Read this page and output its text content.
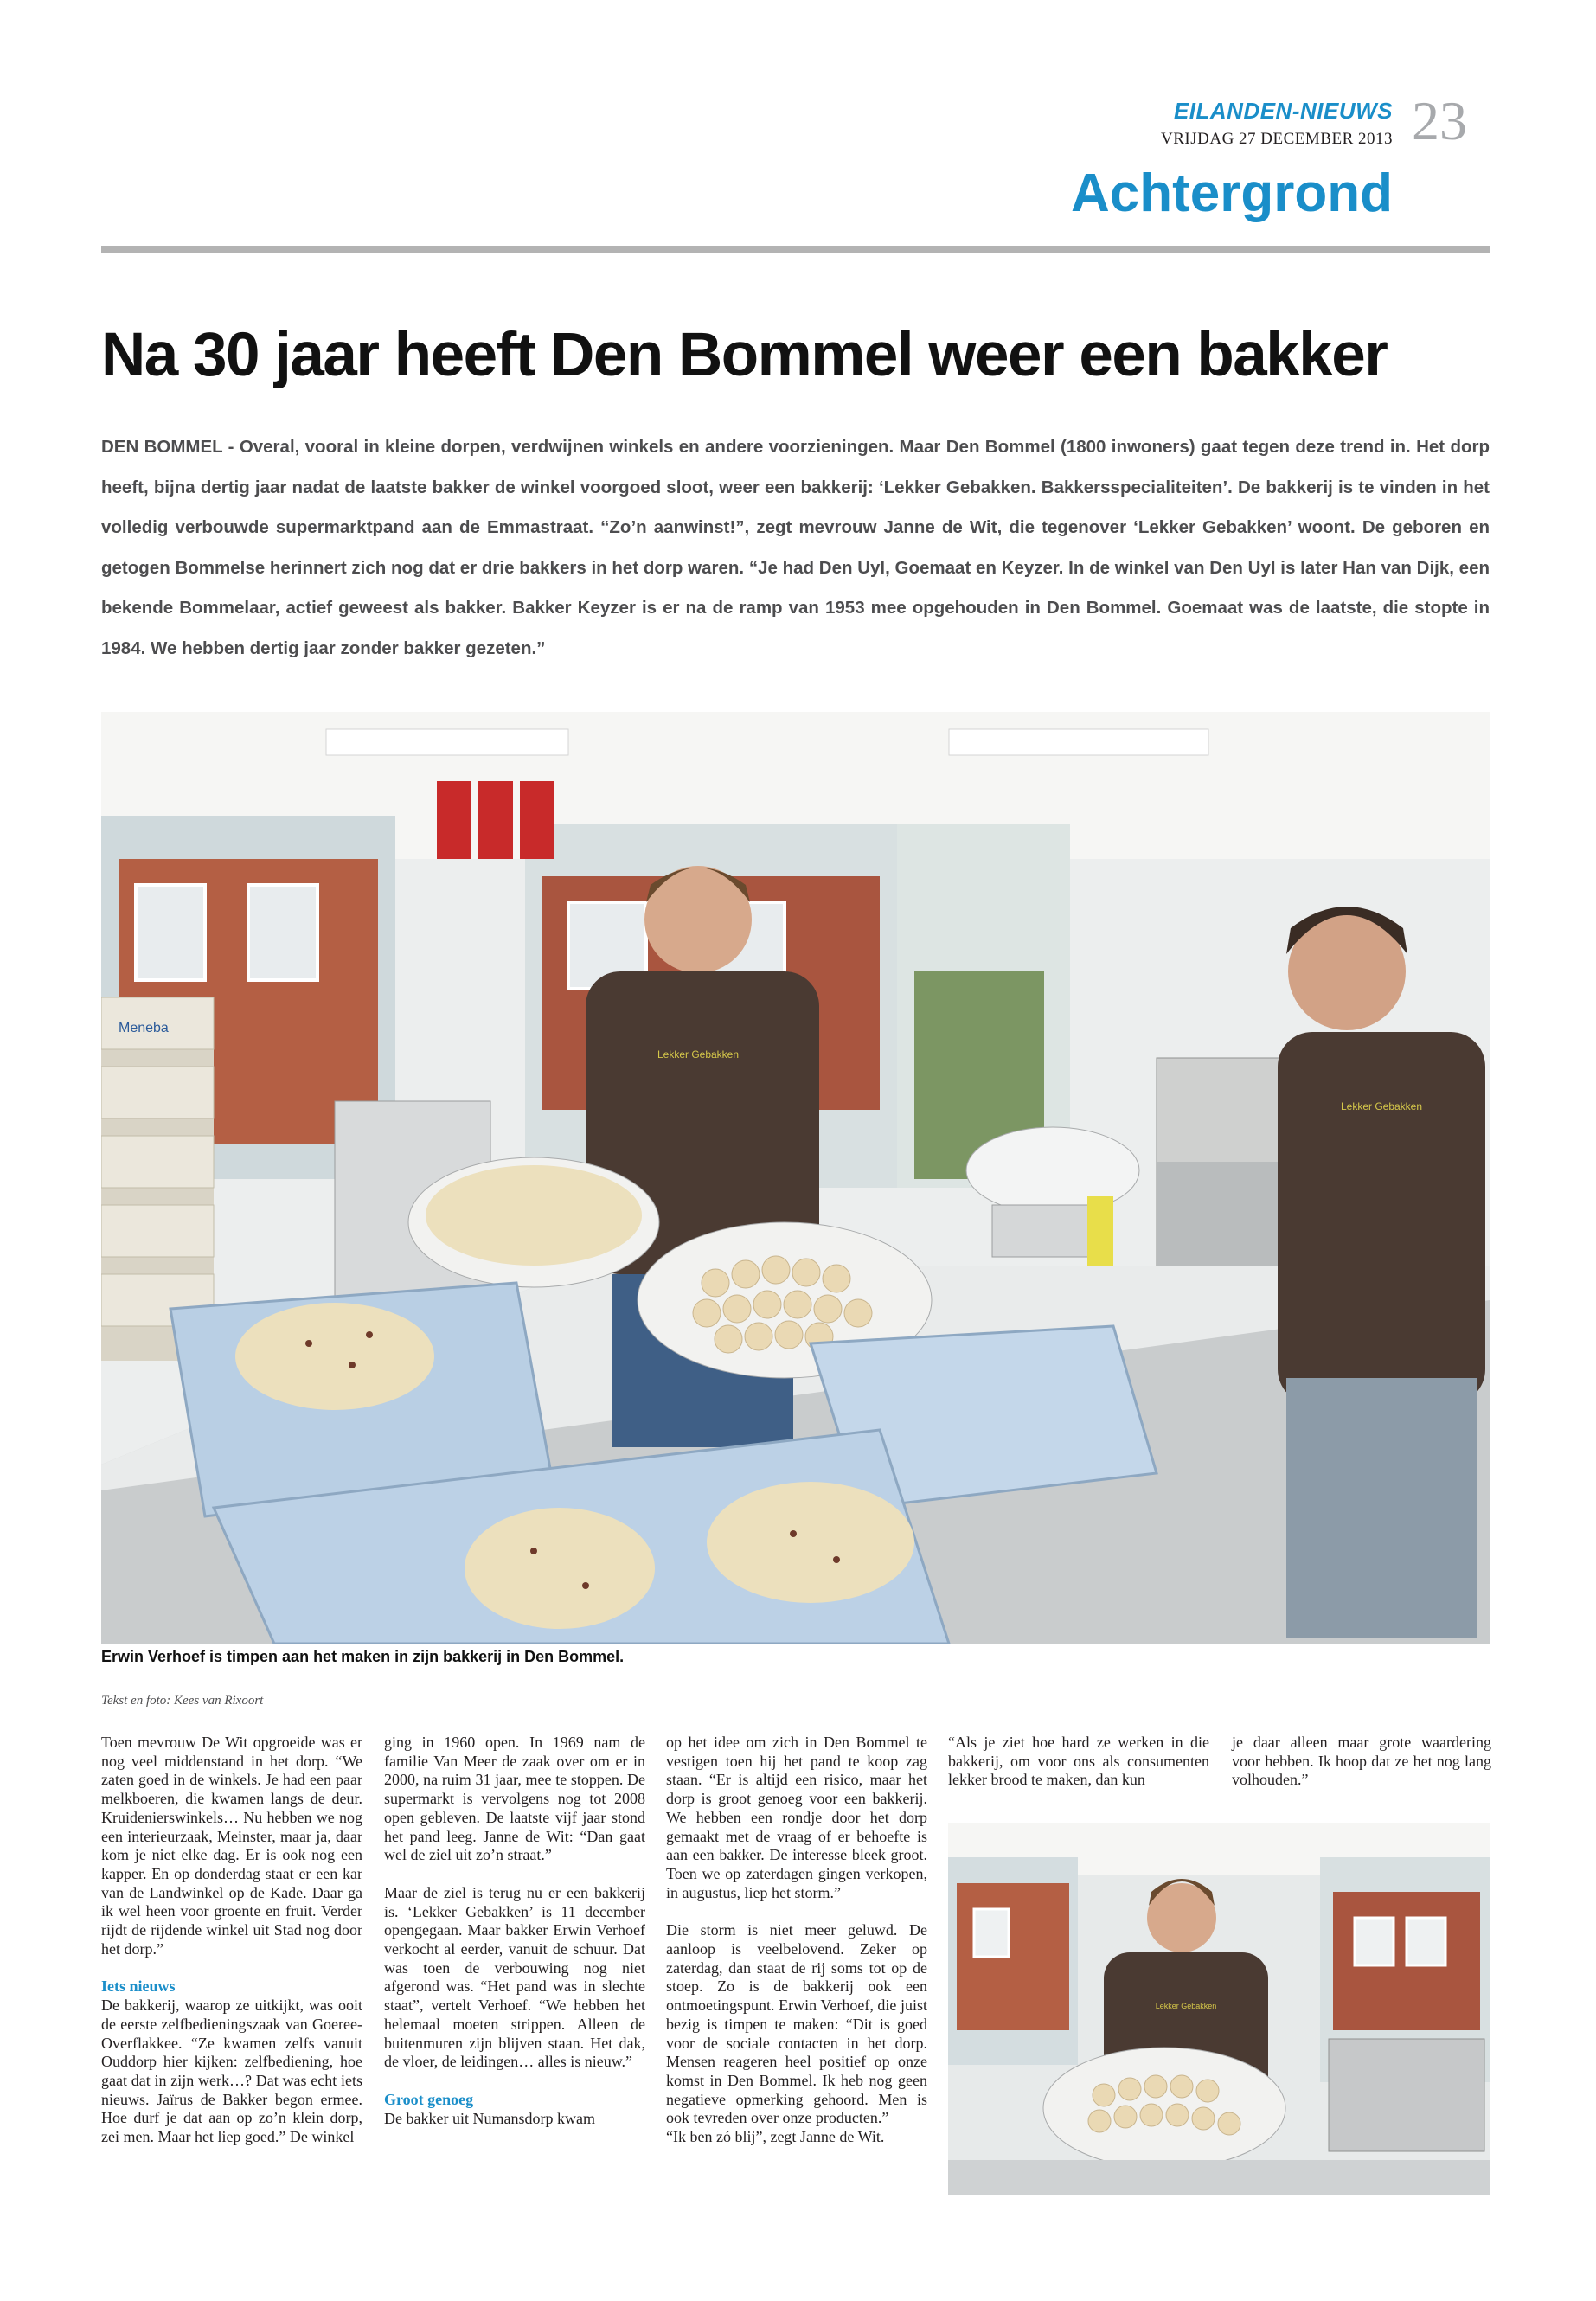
EILANDEN-NIEUWS
VRIJDAG 27 DECEMBER 2013 23
Achtergrond
Na 30 jaar heeft Den Bommel weer een bakker

DEN BOMMEL - Overal, vooral in kleine dorpen, verdwijnen winkels en andere voorzieningen. Maar Den Bommel (1800 inwoners) gaat tegen deze trend in. Het dorp heeft, bijna dertig jaar nadat de laatste bakker de winkel voorgoed sloot, weer een bakkerij: ‘Lekker Gebakken. Bakkersspecialiteiten’. De bakkerij is te vinden in het volledig verbouwde supermarktpand aan de Emmastraat. “Zo’n aanwinst!”, zegt mevrouw Janne de Wit, die tegenover ‘Lekker Gebakken’ woont. De geboren en getogen Bommelse herinnert zich nog dat er drie bakkers in het dorp waren. “Je had Den Uyl, Goemaat en Keyzer. In de winkel van Den Uyl is later Han van Dijk, een bekende Bommelaar, actief geweest als bakker. Bakker Keyzer is er na de ramp van 1953 mee opgehouden in Den Bommel. Goemaat was de laatste, die stopte in 1984. We hebben dertig jaar zonder bakker gezeten.”

Meneba
Lekker Gebakken
Lekker Gebakken
Erwin Verhoef is timpen aan het maken in zijn bakkerij in Den Bommel.
Tekst en foto: Kees van Rixoort

Toen mevrouw De Wit opgroeide was er nog veel middenstand in het dorp. “We zaten goed in de winkels. Je had een paar melkboeren, die kwamen langs de deur. Kruidenierswinkels… Nu hebben we nog een interieurzaak, Meinster, maar ja, daar kom je niet elke dag. Er is ook nog een kapper. En op donderdag staat er een kar van de Landwinkel op de Kade. Daar ga ik wel heen voor groente en fruit. Verder rijdt de rijdende winkel uit Stad nog door het dorp.”

Iets nieuws

De bakkerij, waarop ze uitkijkt, was ooit de eerste zelfbedieningszaak van Goeree-Overflakkee. “Ze kwamen zelfs vanuit Ouddorp hier kijken: zelfbediening, hoe gaat dat in zijn werk…? Dat was echt iets nieuws. Jaïrus de Bakker begon ermee. Hoe durf je dat aan op zo’n klein dorp, zei men. Maar het liep goed.” De winkel

ging in 1960 open. In 1969 nam de familie Van Meer de zaak over om er in 2000, na ruim 31 jaar, mee te stoppen. De supermarkt is vervolgens nog tot 2008 open gebleven. De laatste vijf jaar stond het pand leeg. Janne de Wit: “Dan gaat wel de ziel uit zo’n straat.”

Maar de ziel is terug nu er een bakkerij is. ‘Lekker Gebakken’ is 11 december opengegaan. Maar bakker Erwin Verhoef verkocht al eerder, vanuit de schuur. Dat was toen de verbouwing nog niet afgerond was. “Het pand was in slechte staat”, vertelt Verhoef. “We hebben het helemaal moeten strippen. Alleen de buitenmuren zijn blijven staan. Het dak, de vloer, de leidingen… alles is nieuw.”

Groot genoeg

De bakker uit Numansdorp kwam

op het idee om zich in Den Bommel te vestigen toen hij het pand te koop zag staan. “Er is altijd een risico, maar het dorp is groot genoeg voor een bakkerij. We hebben een rondje door het dorp gemaakt met de vraag of er behoefte is aan een bakker. De interesse bleek groot. Toen we op zaterdagen gingen verkopen, in augustus, liep het storm.”

Die storm is niet meer geluwd. De aanloop is veelbelovend. Zeker op zaterdag, dan staat de rij soms tot op de stoep. Zo is de bakkerij ook een ontmoetingspunt. Erwin Verhoef, die juist bezig is timpen te maken: “Dit is goed voor de sociale contacten in het dorp. Mensen reageren heel positief op onze komst in Den Bommel. Ik heb nog geen negatieve opmerking gehoord. Men is ook tevreden over onze producten.”

“Ik ben zó blij”, zegt Janne de Wit.

“Als je ziet hoe hard ze werken in die bakkerij, om voor ons als consumenten lekker brood te maken, dan kun

je daar alleen maar grote waardering voor hebben. Ik hoop dat ze het nog lang volhouden.”

Lekker Gebakken
